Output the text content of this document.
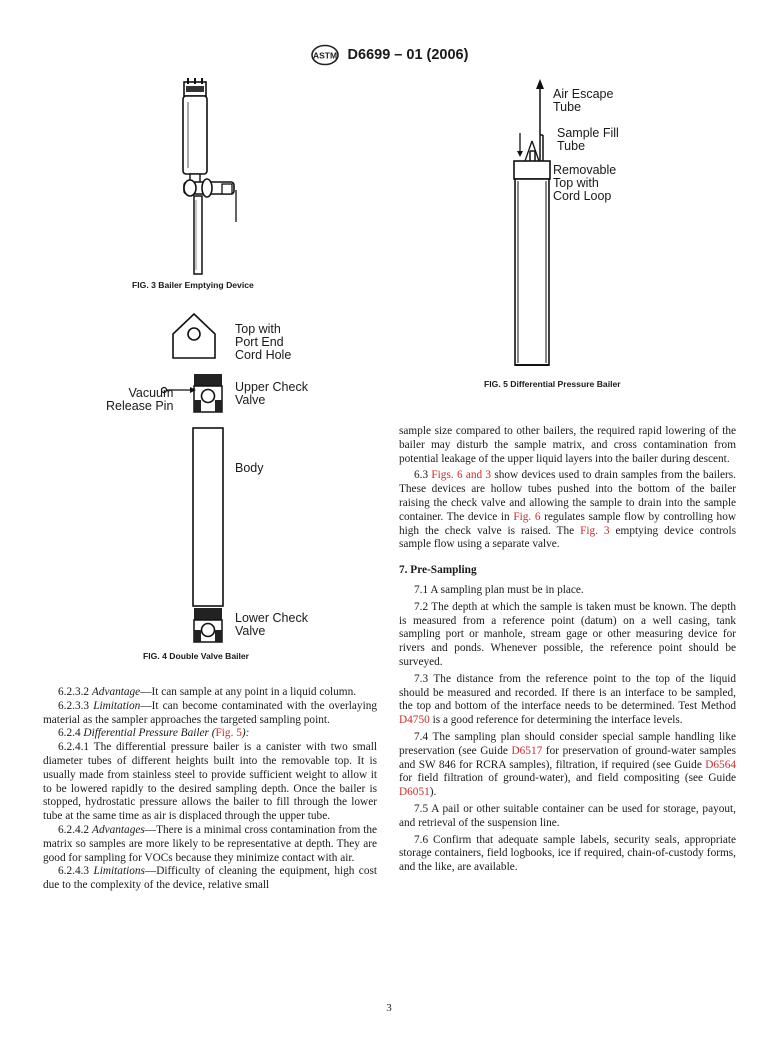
ASTM D6699 – 01 (2006)
FIG. 3 Bailer Emptying Device
Top with
Port End
Cord Hole
Upper Check
Valve
Vacuum
Release Pin
Body
Lower Check
Valve
FIG. 4 Double Valve Bailer
Air Escape
Tube
Sample Fill
Tube
Removable
Top with
Cord Loop
FIG. 5 Differential Pressure Bailer

6.2.3.2 Advantage—It can sample at any point in a liquid column.

6.2.3.3 Limitation—It can become contaminated with the overlaying material as the sampler approaches the targeted sampling point.

6.2.4 Differential Pressure Bailer (Fig. 5):

6.2.4.1 The differential pressure bailer is a canister with two small diameter tubes of different heights built into the removable top. It is usually made from stainless steel to provide sufficient weight to allow it to be lowered rapidly to the desired sampling depth. Once the bailer is stopped, hydrostatic pressure allows the bailer to fill through the lower tube at the same time as air is displaced through the upper tube.

6.2.4.2 Advantages—There is a minimal cross contamination from the matrix so samples are more likely to be representative at depth. They are good for sampling for VOCs because they minimize contact with air.

6.2.4.3 Limitations—Difficulty of cleaning the equipment, high cost due to the complexity of the device, relative small

sample size compared to other bailers, the required rapid lowering of the bailer may disturb the sample matrix, and cross contamination from potential leakage of the upper liquid layers into the bailer during descent.

6.3 Figs. 6 and 3 show devices used to drain samples from the bailers. These devices are hollow tubes pushed into the bottom of the bailer raising the check valve and allowing the sample to drain into the sample container. The device in Fig. 6 regulates sample flow by controlling how high the check valve is raised. The Fig. 3 emptying device controls sample flow using a separate valve.

7. Pre-Sampling

7.1 A sampling plan must be in place.

7.2 The depth at which the sample is taken must be known. The depth is measured from a reference point (datum) on a well casing, tank sampling port or manhole, stream gage or other measuring device for rivers and ponds. Whenever possible, the reference point should be surveyed.

7.3 The distance from the reference point to the top of the liquid should be measured and recorded. If there is an interface to be sampled, the top and bottom of the interface needs to be determined. Test Method D4750 is a good reference for determining the interface levels.

7.4 The sampling plan should consider special sample handling like preservation (see Guide D6517 for preservation of ground-water samples and SW 846 for RCRA samples), filtration, if required (see Guide D6564 for field filtration of ground-water), and field compositing (see Guide D6051).

7.5 A pail or other suitable container can be used for storage, payout, and retrieval of the suspension line.

7.6 Confirm that adequate sample labels, security seals, appropriate storage containers, field logbooks, ice if required, chain-of-custody forms, and the like, are available.

3
